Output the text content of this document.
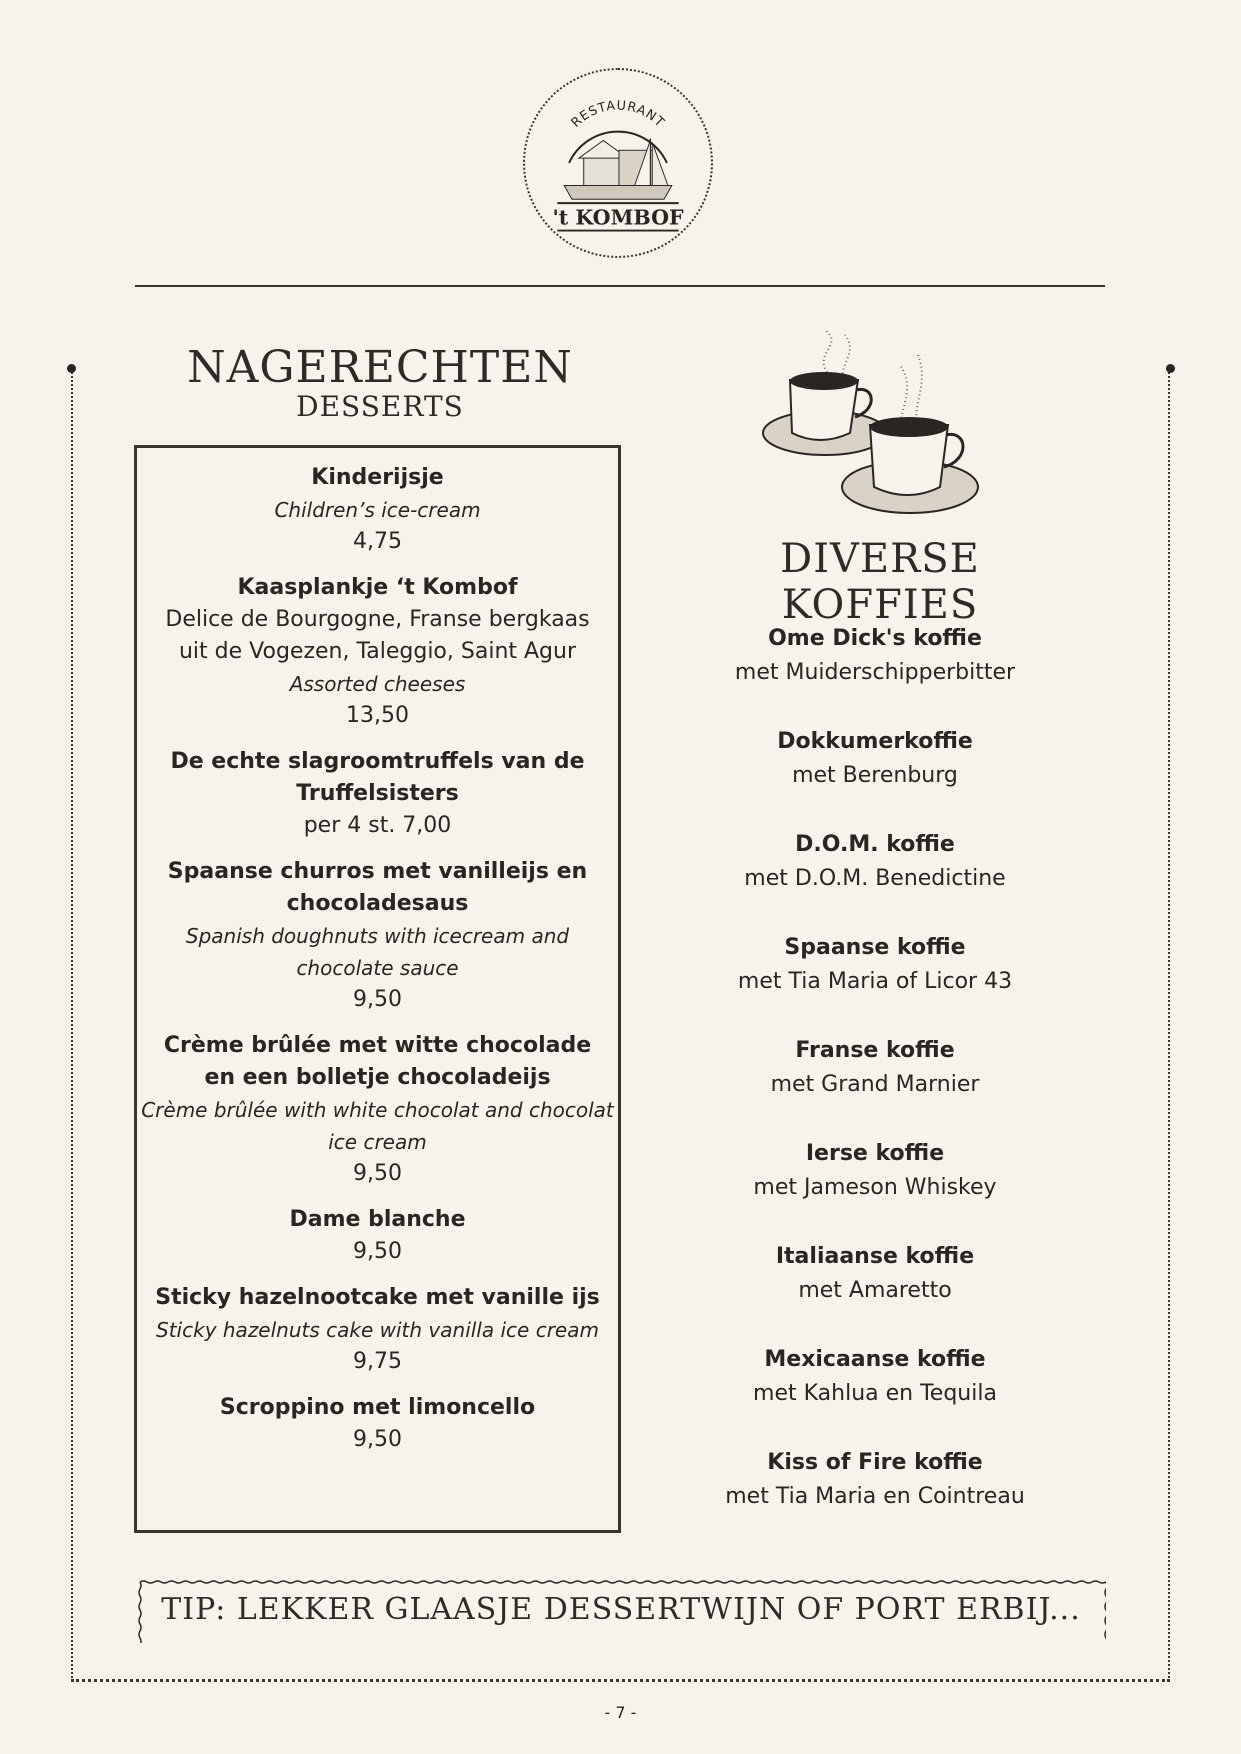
RESTAURANT
't KOMBOF
NAGERECHTEN
DESSERTS
Kinderijsje
Children’s ice-cream
4,75
Kaasplankje ‘t Kombof
Delice de Bourgogne, Franse bergkaas uit de Vogezen, Taleggio, Saint Agur
Assorted cheeses
13,50
De echte slagroomtruffels van de Truffelsisters
per 4 st. 7,00
Spaanse churros met vanilleijs en chocoladesaus
Spanish doughnuts with icecream and chocolate sauce
9,50
Crème brûlée met witte chocolade en een bolletje chocoladeijs
Crème brûlée with white chocolat and chocolat ice cream
9,50
Dame blanche
9,50
Sticky hazelnootcake met vanille ijs
Sticky hazelnuts cake with vanilla ice cream
9,75
Scroppino met limoncello
9,50
DIVERSE KOFFIES
Ome Dick's koffie
met Muiderschipperbitter
Dokkumerkoffie
met Berenburg
D.O.M. koffie
met D.O.M. Benedictine
Spaanse koffie
met Tia Maria of Licor 43
Franse koffie
met Grand Marnier
Ierse koffie
met Jameson Whiskey
Italiaanse koffie
met Amaretto
Mexicaanse koffie
met Kahlua en Tequila
Kiss of Fire koffie
met Tia Maria en Cointreau
TIP: LEKKER GLAASJE DESSERTWIJN OF PORT ERBIJ...
- 7 -
